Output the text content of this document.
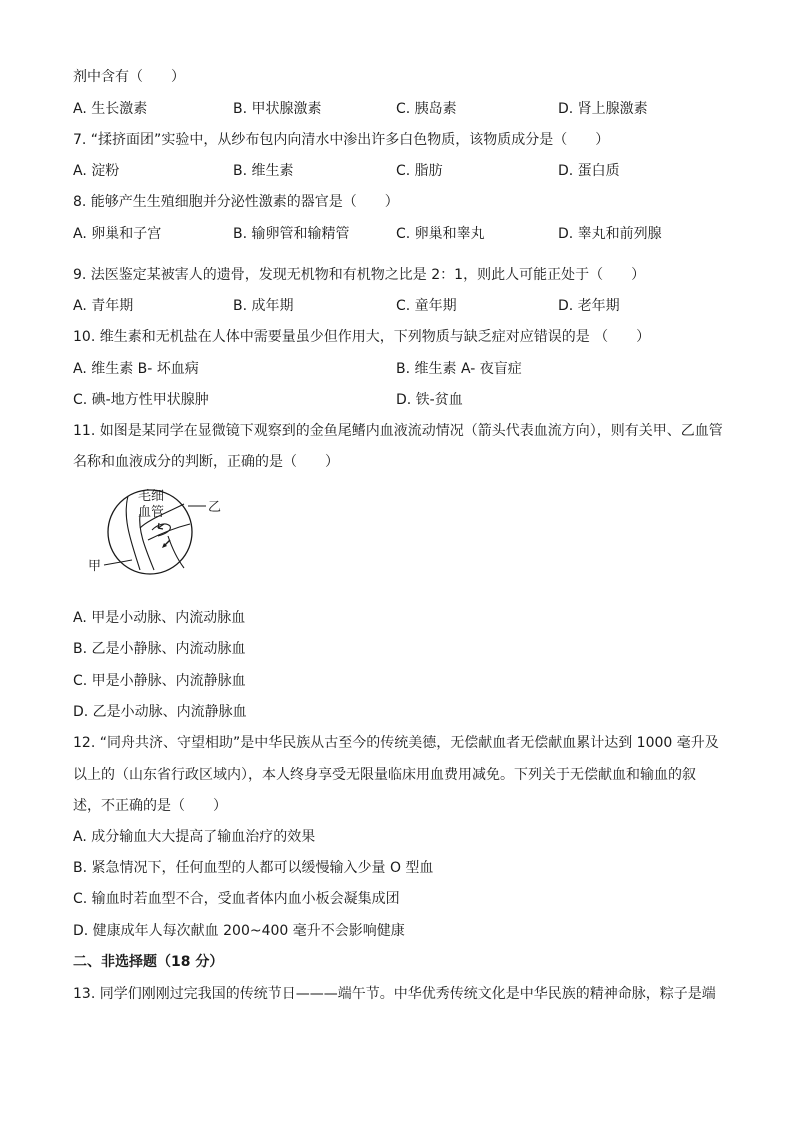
剂中含有（　　）
7. “揉挤面团”实验中，从纱布包内向清水中渗出许多白色物质，该物质成分是（　　）
8. 能够产生生殖细胞并分泌性激素的器官是（　　）
9. 法医鉴定某被害人的遗骨，发现无机物和有机物之比是 2：1，则此人可能正处于（　　）
10. 维生素和无机盐在人体中需要量虽少但作用大，下列物质与缺乏症对应错误的是 （　　）
11. 如图是某同学在显微镜下观察到的金鱼尾鳍内血液流动情况（箭头代表血流方向），则有关甲、乙血管
名称和血液成分的判断，正确的是（　　）
A. 甲是小动脉、内流动脉血
B. 乙是小静脉、内流动脉血
C. 甲是小静脉、内流静脉血
D. 乙是小动脉、内流静脉血
12. “同舟共济、守望相助”是中华民族从古至今的传统美德，无偿献血者无偿献血累计达到 1000 毫升及
以上的（山东省行政区域内），本人终身享受无限量临床用血费用减免。下列关于无偿献血和输血的叙
述，不正确的是（　　）
A. 成分输血大大提高了输血治疗的效果
B. 紧急情况下，任何血型的人都可以缓慢输入少量 O 型血
C. 输血时若血型不合，受血者体内血小板会凝集成团
D. 健康成年人每次献血 200~400 毫升不会影响健康
二、非选择题（18 分）
13. 同学们刚刚过完我国的传统节日———端午节。中华优秀传统文化是中华民族的精神命脉，粽子是端
A. 生长激素	B. 甲状腺激素	C. 胰岛素	D. 肾上腺激素
A. 淀粉	B. 维生素	C. 脂肪	D. 蛋白质
A. 卵巢和子宫	B. 输卵管和输精管	C. 卵巢和睾丸	D. 睾丸和前列腺
A. 青年期	B. 成年期	C. 童年期	D. 老年期
A. 维生素 B- 坏血病	B. 维生素 A- 夜盲症
C. 碘-地方性甲状腺肿	D. 铁-贫血
毛细
血管	乙
甲
